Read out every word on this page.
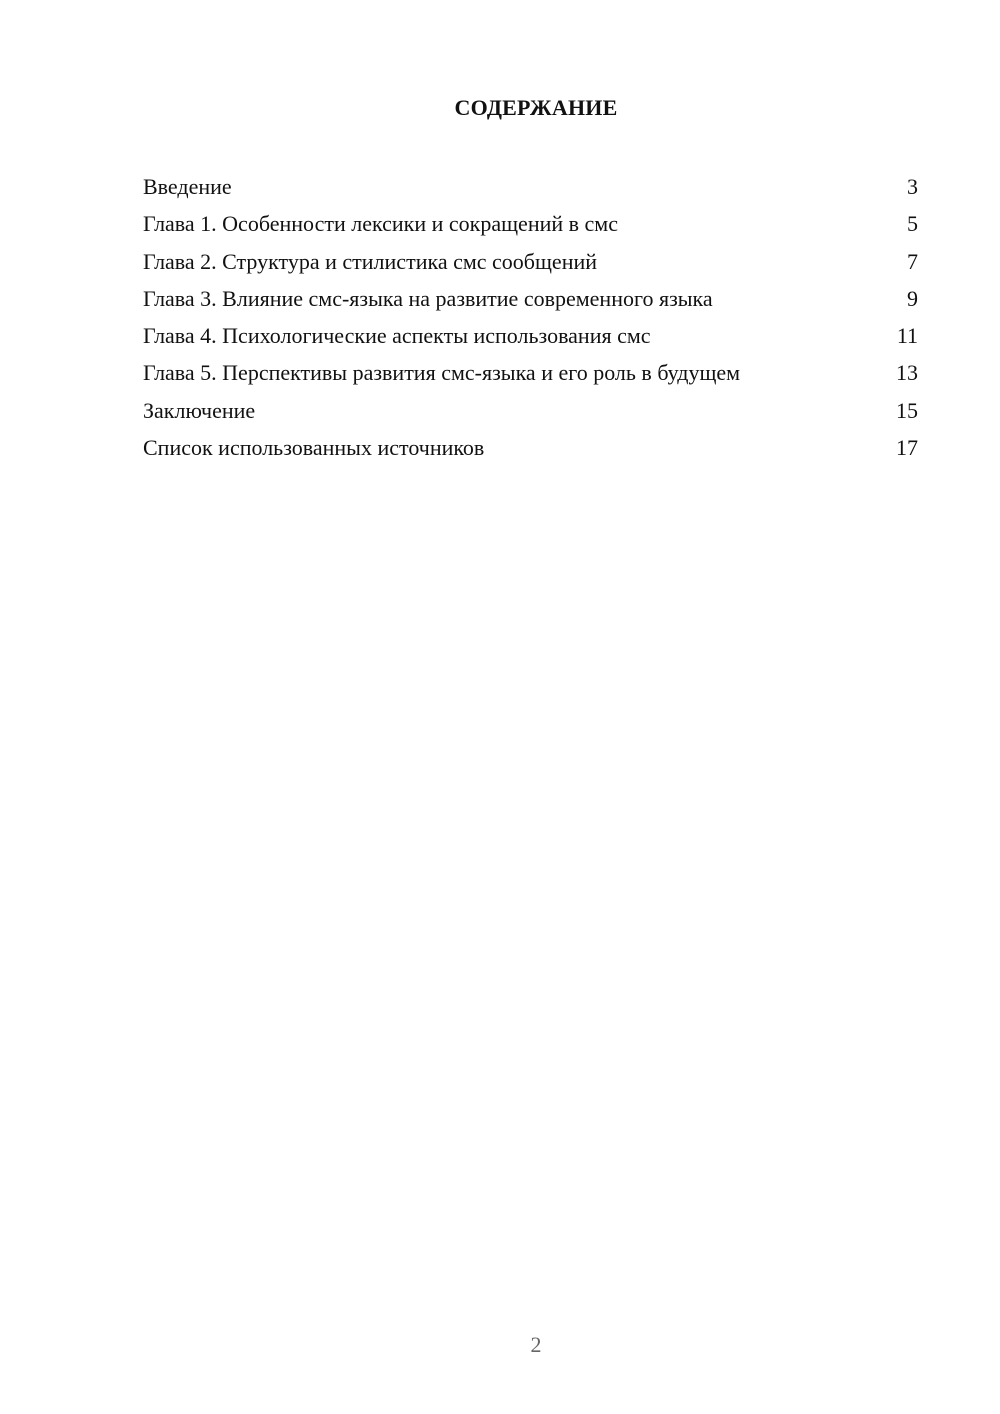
СОДЕРЖАНИЕ
Введение	3
Глава 1. Особенности лексики и сокращений в смс	5
Глава 2. Структура и стилистика смс сообщений	7
Глава 3. Влияние смс-языка на развитие современного языка	9
Глава 4. Психологические аспекты использования смс	11
Глава 5. Перспективы развития смс-языка и его роль в будущем	13
Заключение	15
Список использованных источников	17
2
